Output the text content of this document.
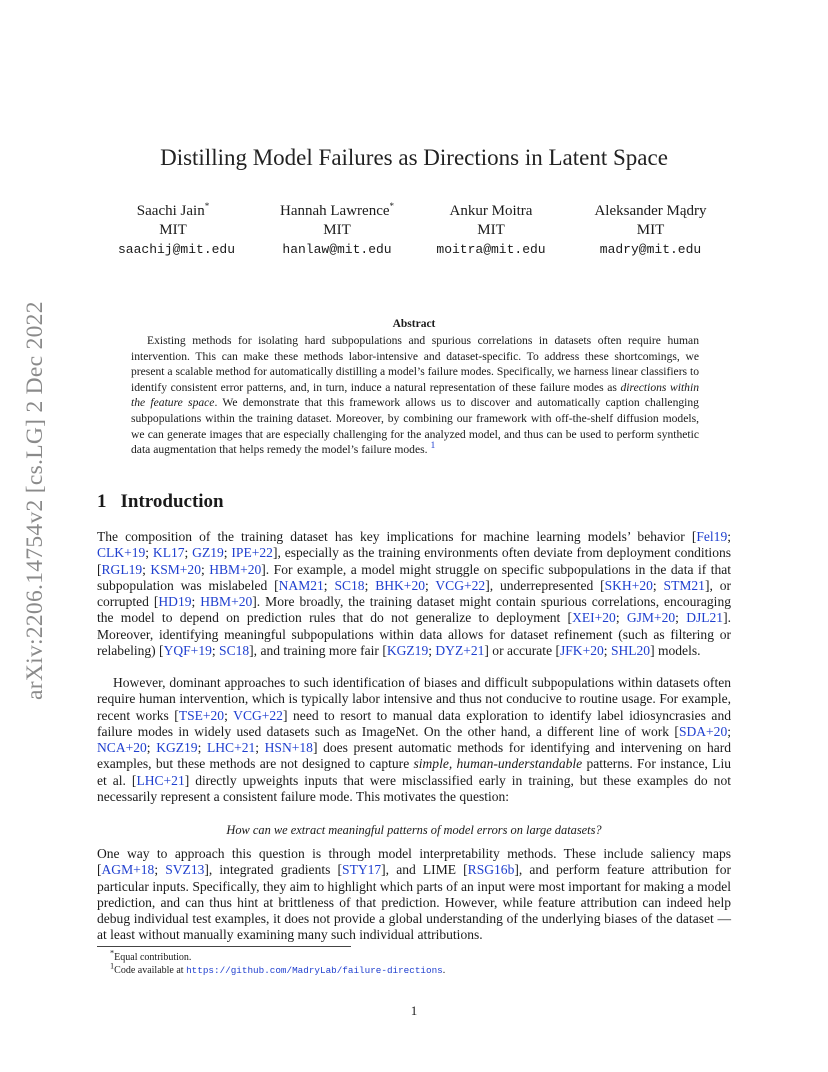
arXiv:2206.14754v2 [cs.LG] 2 Dec 2022
Distilling Model Failures as Directions in Latent Space
Saachi Jain*
MIT
saachij@mit.edu
Hannah Lawrence*
MIT
hanlaw@mit.edu
Ankur Moitra
MIT
moitra@mit.edu
Aleksander Mądry
MIT
madry@mit.edu
Abstract

Existing methods for isolating hard subpopulations and spurious correlations in datasets often require human intervention. This can make these methods labor-intensive and dataset-specific. To address these shortcomings, we present a scalable method for automatically distilling a model’s failure modes. Specifically, we harness linear classifiers to identify consistent error patterns, and, in turn, induce a natural representation of these failure modes as directions within the feature space. We demonstrate that this framework allows us to discover and automatically caption challenging subpopulations within the training dataset. Moreover, by combining our framework with off-the-shelf diffusion models, we can generate images that are especially challenging for the analyzed model, and thus can be used to perform synthetic data augmentation that helps remedy the model’s failure modes. $^1$

1 Introduction

The composition of the training dataset has key implications for machine learning models’ behavior [Fel19; CLK+19; KL17; GZ19; IPE+22], especially as the training environments often deviate from deployment conditions [RGL19; KSM+20; HBM+20]. For example, a model might struggle on specific subpopulations in the data if that subpopulation was mislabeled [NAM21; SC18; BHK+20; VCG+22], underrepresented [SKH+20; STM21], or corrupted [HD19; HBM+20]. More broadly, the training dataset might contain spurious correlations, encouraging the model to depend on prediction rules that do not generalize to deployment [XEI+20; GJM+20; DJL21]. Moreover, identifying meaningful subpopulations within data allows for dataset refinement (such as filtering or relabeling) [YQF+19; SC18], and training more fair [KGZ19; DYZ+21] or accurate [JFK+20; SHL20] models.

However, dominant approaches to such identification of biases and difficult subpopulations within datasets often require human intervention, which is typically labor intensive and thus not conducive to routine usage. For example, recent works [TSE+20; VCG+22] need to resort to manual data exploration to identify label idiosyncrasies and failure modes in widely used datasets such as ImageNet. On the other hand, a different line of work [SDA+20; NCA+20; KGZ19; LHC+21; HSN+18] does present automatic methods for identifying and intervening on hard examples, but these methods are not designed to capture simple, human-understandable patterns. For instance, Liu et al. [LHC+21] directly upweights inputs that were misclassified early in training, but these examples do not necessarily represent a consistent failure mode. This motivates the question:

How can we extract meaningful patterns of model errors on large datasets?

One way to approach this question is through model interpretability methods. These include saliency maps [AGM+18; SVZ13], integrated gradients [STY17], and LIME [RSG16b], and perform feature attribution for particular inputs. Specifically, they aim to highlight which parts of an input were most important for making a model prediction, and can thus hint at brittleness of that prediction. However, while feature attribution can indeed help debug individual test examples, it does not provide a global understanding of the underlying biases of the dataset — at least without manually examining many such individual attributions.

*Equal contribution.
$^1$Code available at https://github.com/MadryLab/failure-directions.
1
